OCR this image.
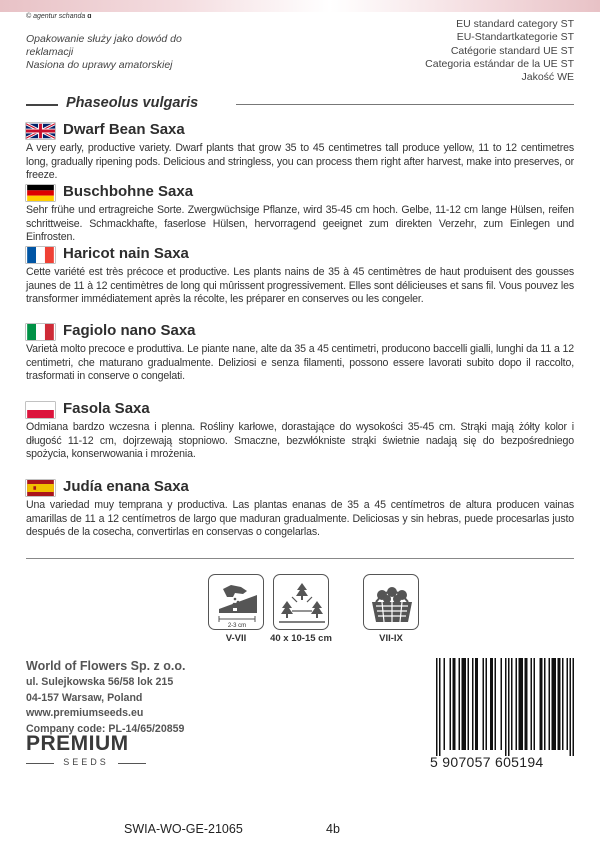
© agentur schanda ɑ

Opakowanie służy jako dowód do reklamacji

Nasiona do uprawy amatorskiej

EU standard category ST
EU-Standartkategorie ST
Catégorie standard UE ST
Categoria estándar de la UE ST
Jakość WE
Phaseolus vulgaris
Dwarf Bean Saxa

A very early, productive variety. Dwarf plants that grow 35 to 45 centimetres tall produce yellow, 11 to 12 centimetres long, gradually ripening pods. Delicious and stringless, you can process them right after harvest, make into preserves, or freeze.

Buschbohne Saxa

Sehr frühe und ertragreiche Sorte. Zwergwüchsige Pflanze, wird 35-45 cm hoch. Gelbe, 11-12 cm lange Hülsen, reifen schrittweise. Schmackhafte, faserlose Hülsen, hervorragend geeignet zum direkten Verzehr, zum Einlegen und Einfrosten.

Haricot nain Saxa

Cette variété est très précoce et productive. Les plants nains de 35 à 45 centimètres de haut produisent des gousses jaunes de 11 à 12 centimètres de long qui mûrissent progressivement. Elles sont délicieuses et sans fil. Vous pouvez les transformer immédiatement après la récolte, les préparer en conserves ou les congeler.

Fagiolo nano Saxa

Varietà molto precoce e produttiva. Le piante nane, alte da 35 a 45 centimetri, producono baccelli gialli, lunghi da 11 a 12 centimetri, che maturano gradualmente. Deliziosi e senza filamenti, possono essere lavorati subito dopo il raccolto, trasformati in conserve o congelati.

Fasola Saxa

Odmiana bardzo wczesna i plenna. Rośliny karłowe, dorastające do wysokości 35-45 cm. Strąki mają żółty kolor i długość 11-12 cm, dojrzewają stopniowo. Smaczne, bezwłókniste strąki świetnie nadają się do bezpośredniego spożycia, konserwowania i mrożenia.

Judía enana Saxa

Una variedad muy temprana y productiva. Las plantas enanas de 35 a 45 centímetros de altura producen vainas amarillas de 11 a 12 centímetros de largo que maduran gradualmente. Deliciosas y sin hebras, puede procesarlas justo después de la cosecha, convertirlas en conservas o congelarlas.

2-3 cm
V-VII	40 x 10-15 cm	VII-IX
World of Flowers Sp. z o.o.
ul. Sulejkowska 56/58 lok 215
04-157 Warsaw, Poland
www.premiumseeds.eu
Company code: PL-14/65/20859
PREMIUM
SEEDS	5 907057 605194
SWIA-WO-GE-21065	4b
